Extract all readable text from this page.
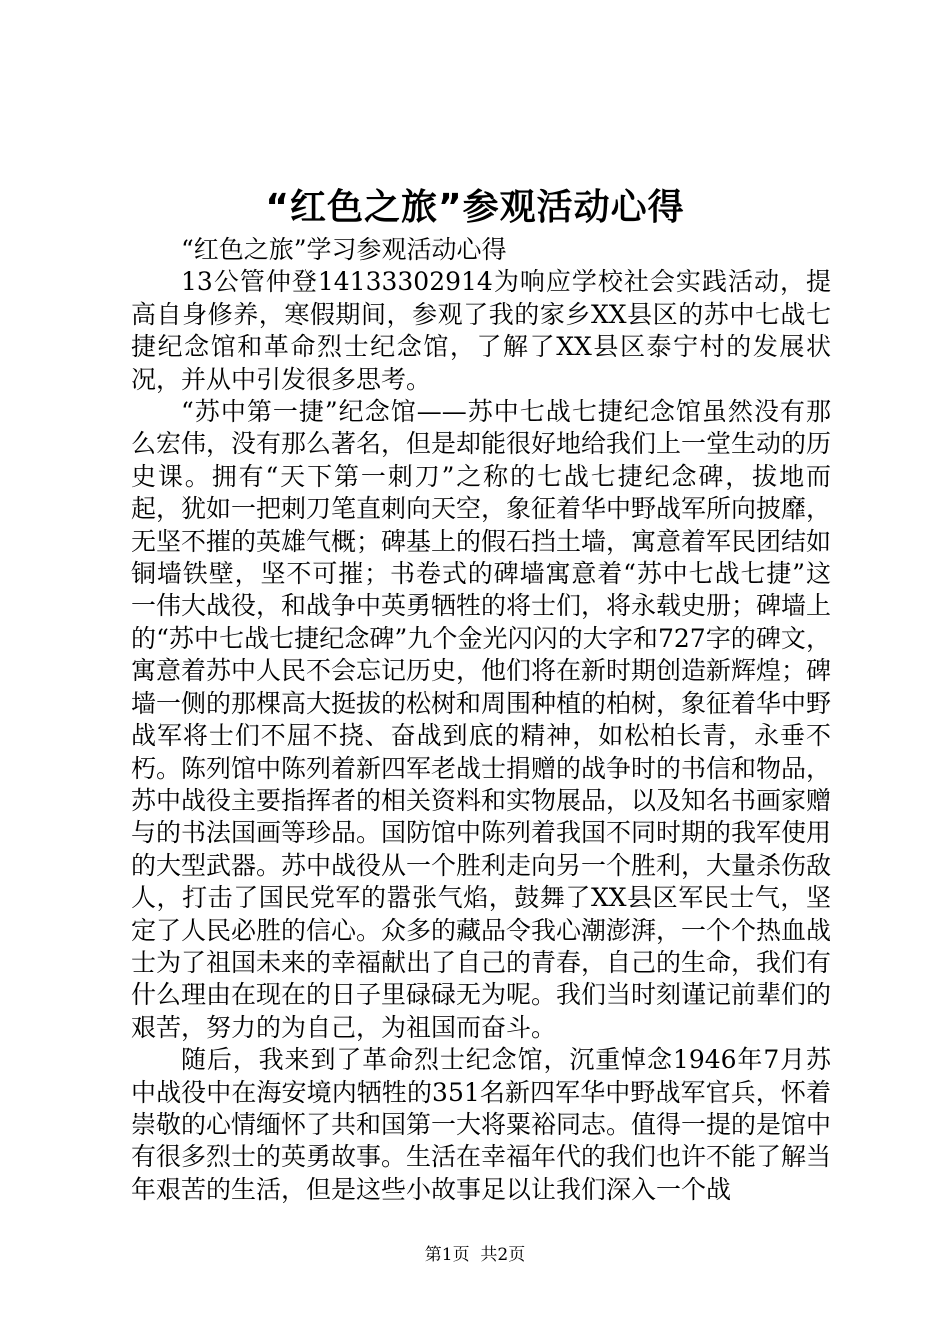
“红色之旅”参观活动心得

“红色之旅”学习参观活动心得

13公管仲登14133302914为响应学校社会实践活动，提高自身修养，寒假期间，参观了我的家乡XX县区的苏中七战七捷纪念馆和革命烈士纪念馆，了解了XX县区泰宁村的发展状况，并从中引发很多思考。

“苏中第一捷”纪念馆——苏中七战七捷纪念馆虽然没有那么宏伟，没有那么著名，但是却能很好地给我们上一堂生动的历史课。拥有“天下第一刺刀”之称的七战七捷纪念碑，拔地而起，犹如一把刺刀笔直刺向天空，象征着华中野战军所向披靡，无坚不摧的英雄气概；碑基上的假石挡土墙，寓意着军民团结如铜墙铁壁，坚不可摧；书卷式的碑墙寓意着“苏中七战七捷”这一伟大战役，和战争中英勇牺牲的将士们，将永载史册；碑墙上的“苏中七战七捷纪念碑”九个金光闪闪的大字和727字的碑文，寓意着苏中人民不会忘记历史，他们将在新时期创造新辉煌；碑墙一侧的那棵高大挺拔的松树和周围种植的柏树，象征着华中野战军将士们不屈不挠、奋战到底的精神，如松柏长青，永垂不朽。陈列馆中陈列着新四军老战士捐赠的战争时的书信和物品，苏中战役主要指挥者的相关资料和实物展品，以及知名书画家赠与的书法国画等珍品。国防馆中陈列着我国不同时期的我军使用的大型武器。苏中战役从一个胜利走向另一个胜利，大量杀伤敌人，打击了国民党军的嚣张气焰，鼓舞了XX县区军民士气，坚定了人民必胜的信心。众多的藏品令我心潮澎湃，一个个热血战士为了祖国未来的幸福献出了自己的青春，自己的生命，我们有什么理由在现在的日子里碌碌无为呢。我们当时刻谨记前辈们的艰苦，努力的为自己，为祖国而奋斗。

随后，我来到了革命烈士纪念馆，沉重悼念1946年7月苏中战役中在海安境内牺牲的351名新四军华中野战军官兵，怀着崇敬的心情缅怀了共和国第一大将粟裕同志。值得一提的是馆中有很多烈士的英勇故事。生活在幸福年代的我们也许不能了解当年艰苦的生活，但是这些小故事足以让我们深入一个战

第1页  共2页
